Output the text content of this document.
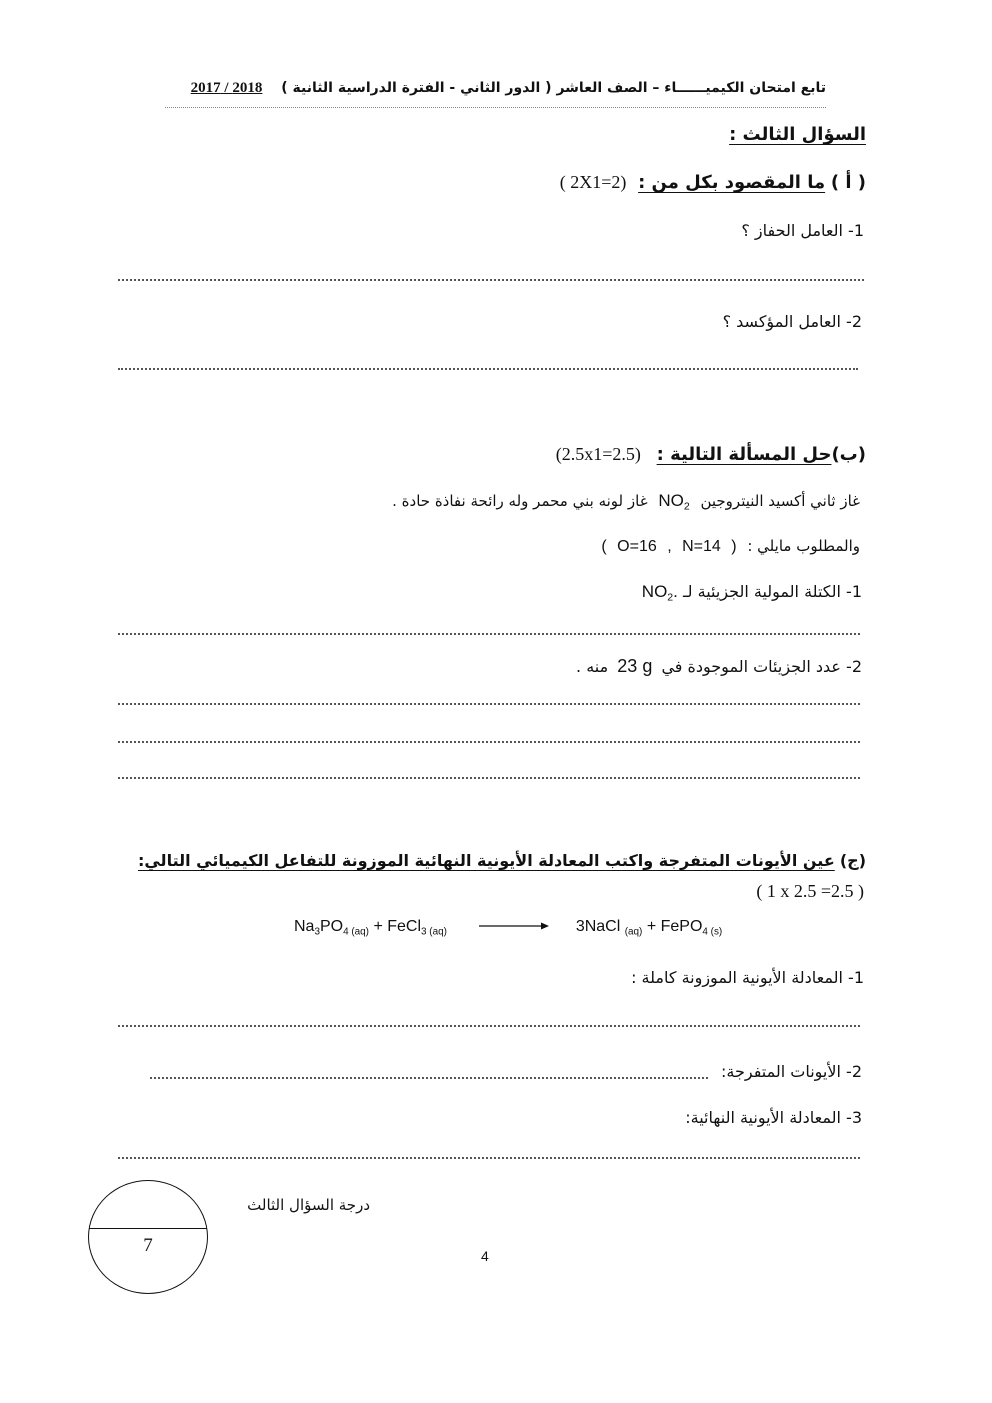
تابع امتحان الكيميــــــاء – الصف العاشر ( الدور الثاني - الفترة الدراسية الثانية ) 2018 / 2017
السؤال الثالث :
( أ ) ما المقصود بكل من : ( 2X1=2)
1- العامل الحفاز ؟
2- العامل المؤكسد ؟
(ب)حل المسألة التالية : (2.5x1=2.5)
غاز ثاني أكسيد النيتروجين $NO_2$ غاز لونه بني محمر وله رائحة نفاذة حادة .
والمطلوب مايلي : ( O=16 , N=14 )
1- الكتلة المولية الجزيئية لـ $NO_2$.
2- عدد الجزيئات الموجودة في 23 g منه .
(ج) عين الأيونات المتفرجة واكتب المعادلة الأيونية النهائية الموزونة للتفاعل الكيميائي التالي:
( 1 x 2.5 =2.5 )
$Na_3PO_{4 (aq)}$ + FeCl$_{3 (aq)}$	3NaCl $_{(aq)}$ + FePO$_{4 (s)}$
1- المعادلة الأيونية الموزونة كاملة :
2- الأيونات المتفرجة:
3- المعادلة الأيونية النهائية:
7
درجة السؤال الثالث
4
